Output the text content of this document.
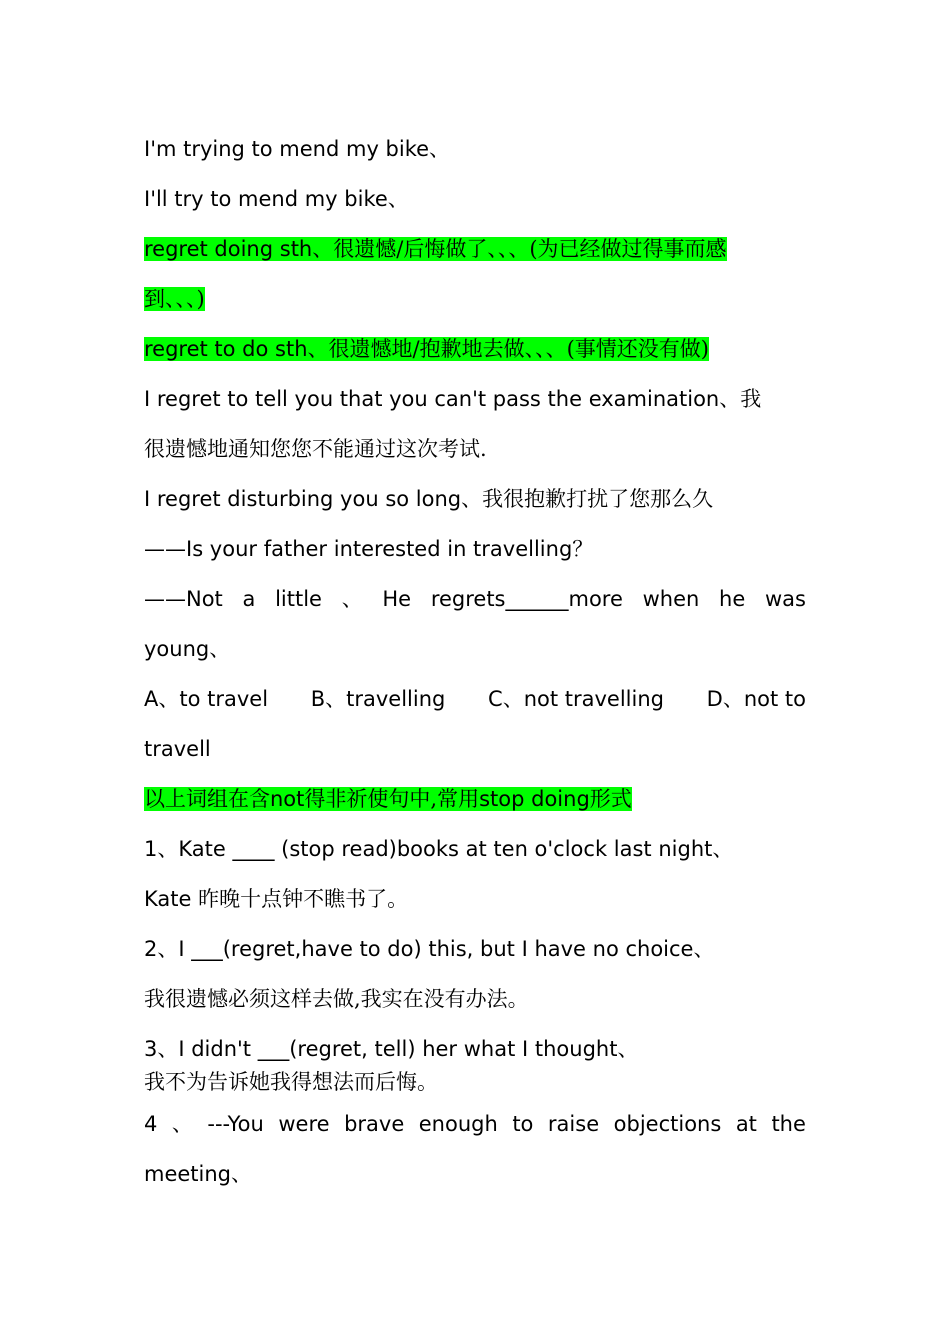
I'm trying to mend my bike、
I'll try to mend my bike、
regret doing sth、很遗憾/后悔做了、、、(为已经做过得事而感
到、、、)
regret to do sth、很遗憾地/抱歉地去做、、、(事情还没有做)
I regret to tell you that you can't pass the examination、我
很遗憾地通知您您不能通过这次考试.
I regret disturbing you so long、我很抱歉打扰了您那么久
——Is your father interested in travelling？
——Not a little 、 He regrets______more when he was
young、
A、to travel B、travelling C、not travelling D、not to
travell
以上词组在含not得非祈使句中,常用stop doing形式
1、Kate ____ (stop read)books at ten o'clock last night、
Kate 昨晚十点钟不瞧书了。
2、I ___(regret,have to do) this, but I have no choice、
我很遗憾必须这样去做,我实在没有办法。
3、I didn't ___(regret, tell) her what I thought、
我不为告诉她我得想法而后悔。
4 、 ---You were brave enough to raise objections at the
meeting、
